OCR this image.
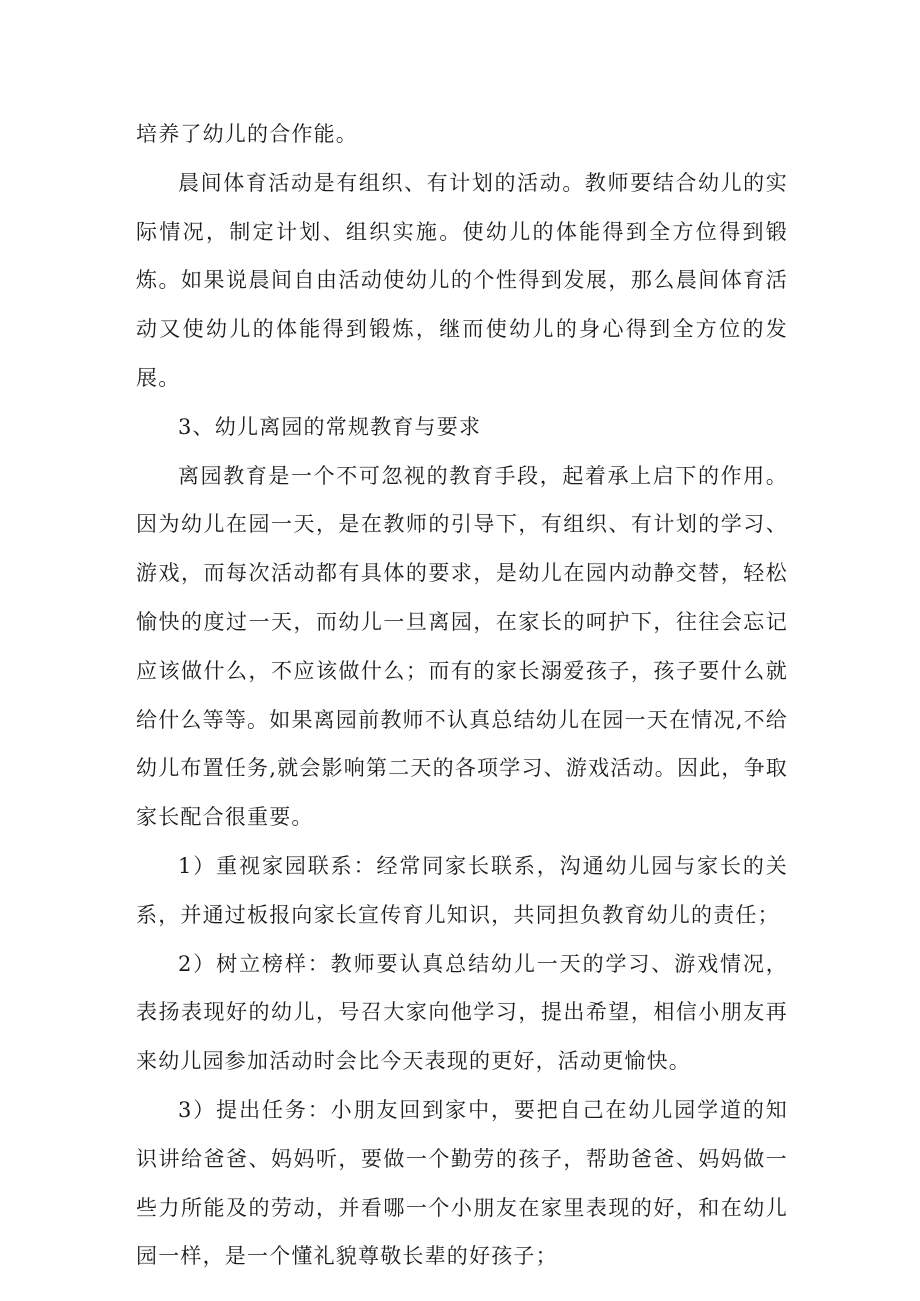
培养了幼儿的合作能。

晨间体育活动是有组织、有计划的活动。教师要结合幼儿的实际情况，制定计划、组织实施。使幼儿的体能得到全方位得到锻炼。如果说晨间自由活动使幼儿的个性得到发展，那么晨间体育活动又使幼儿的体能得到锻炼，继而使幼儿的身心得到全方位的发展。

3、幼儿离园的常规教育与要求

离园教育是一个不可忽视的教育手段，起着承上启下的作用。因为幼儿在园一天，是在教师的引导下，有组织、有计划的学习、游戏，而每次活动都有具体的要求，是幼儿在园内动静交替，轻松愉快的度过一天，而幼儿一旦离园，在家长的呵护下，往往会忘记应该做什么，不应该做什么；而有的家长溺爱孩子，孩子要什么就给什么等等。如果离园前教师不认真总结幼儿在园一天在情况,不给幼儿布置任务,就会影响第二天的各项学习、游戏活动。因此，争取家长配合很重要。

1）重视家园联系：经常同家长联系，沟通幼儿园与家长的关系，并通过板报向家长宣传育儿知识，共同担负教育幼儿的责任；

2）树立榜样：教师要认真总结幼儿一天的学习、游戏情况，表扬表现好的幼儿，号召大家向他学习，提出希望，相信小朋友再来幼儿园参加活动时会比今天表现的更好，活动更愉快。

3）提出任务：小朋友回到家中，要把自己在幼儿园学道的知识讲给爸爸、妈妈听，要做一个勤劳的孩子，帮助爸爸、妈妈做一些力所能及的劳动，并看哪一个小朋友在家里表现的好，和在幼儿园一样，是一个懂礼貌尊敬长辈的好孩子；
